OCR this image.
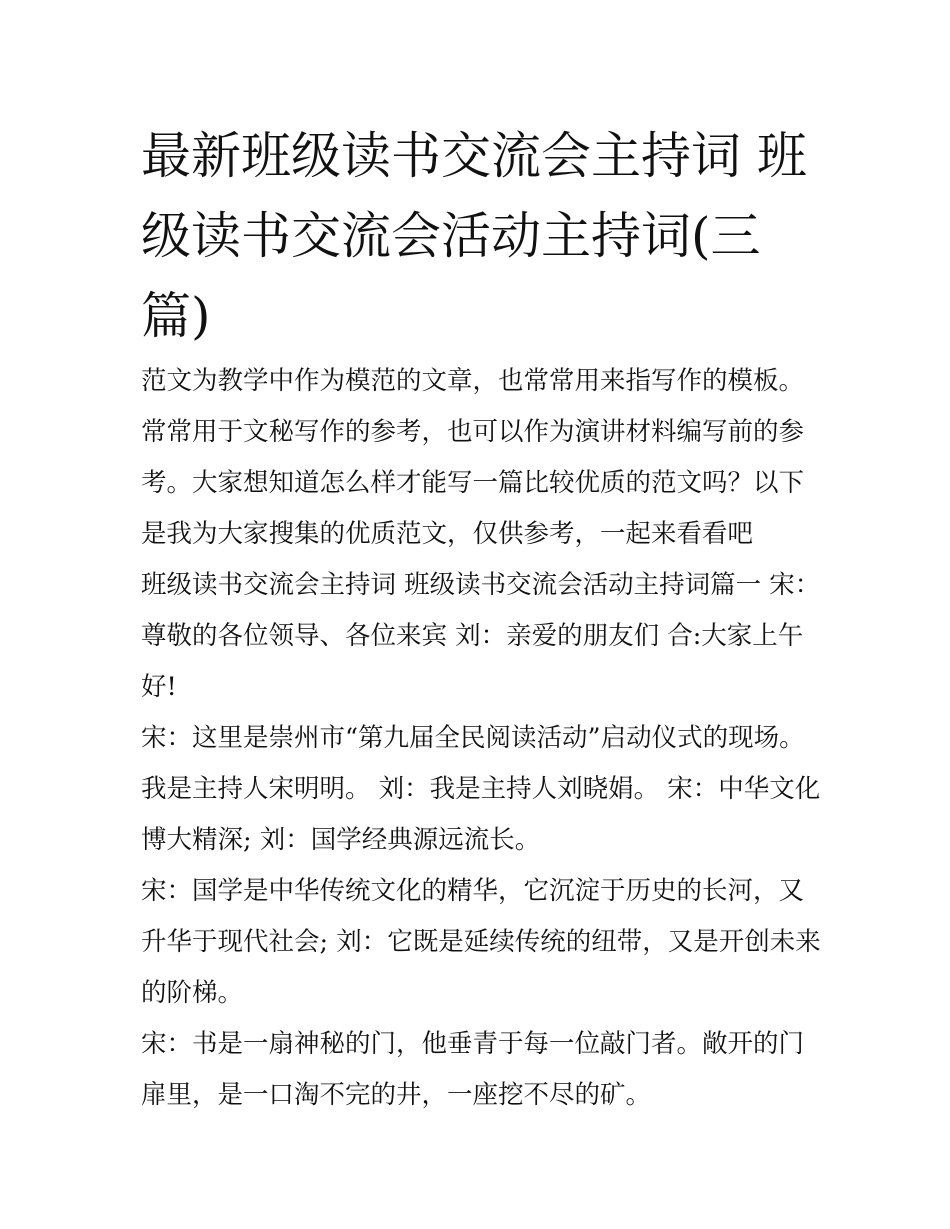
最新班级读书交流会主持词 班级读书交流会活动主持词(三篇)

范文为教学中作为模范的文章，也常常用来指写作的模板。常常用于文秘写作的参考，也可以作为演讲材料编写前的参考。大家想知道怎么样才能写一篇比较优质的范文吗？以下是我为大家搜集的优质范文，仅供参考，一起来看看吧

班级读书交流会主持词 班级读书交流会活动主持词篇一 宋：尊敬的各位领导、各位来宾 刘：亲爱的朋友们 合:大家上午好!

宋：这里是崇州市“第九届全民阅读活动”启动仪式的现场。我是主持人宋明明。 刘：我是主持人刘晓娟。 宋：中华文化博大精深; 刘：国学经典源远流长。

宋：国学是中华传统文化的精华，它沉淀于历史的长河，又升华于现代社会; 刘：它既是延续传统的纽带，又是开创未来的阶梯。

宋：书是一扇神秘的门，他垂青于每一位敲门者。敞开的门扉里，是一口淘不完的井，一座挖不尽的矿。
